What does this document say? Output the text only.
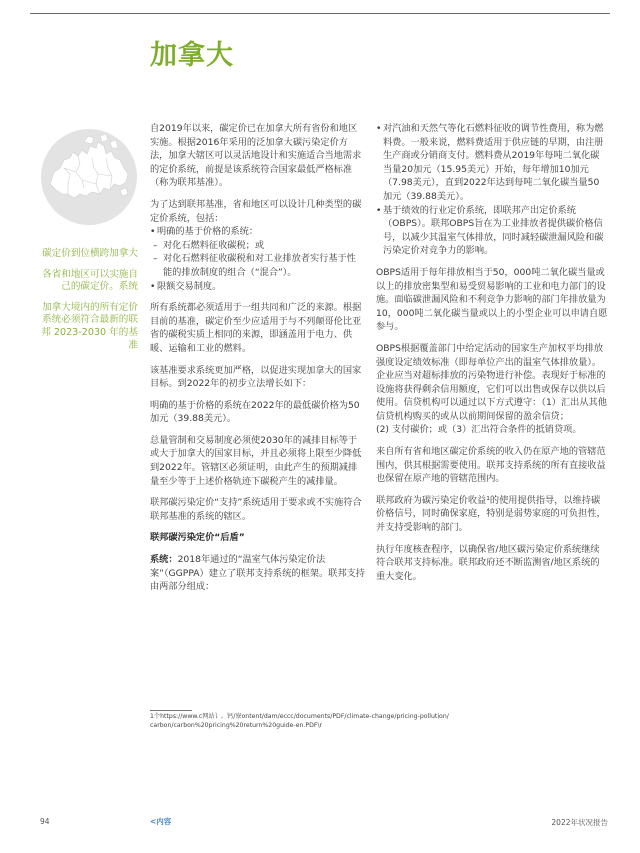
加拿大

碳定价到位横跨加拿大

各省和地区可以实施自己的碳定价。系统

加拿大境内的所有定价系统必须符合最新的联邦 2023-2030 年的基准

自2019年以来，碳定价已在加拿大所有省份和地区实施。根据2016年采用的泛加拿大碳污染定价方法，加拿大辖区可以灵活地设计和实施适合当地需求的定价系统，前提是该系统符合国家最低严格标准（称为联邦基准）。

为了达到联邦基准，省和地区可以设计几种类型的碳定价系统，包括：

• 明确的基于价格的系统：
– 对化石燃料征收碳税；或
– 对化石燃料征收碳税和对工业排放者实行基于性能的排放制度的组合（“混合”）。
• 限额交易制度。

所有系统都必须适用于一组共同和广泛的来源。根据目前的基准，碳定价至少应适用于与不列颠哥伦比亚省的碳税实质上相同的来源，即涵盖用于电力、供暖、运输和工业的燃料。

该基准要求系统更加严格，以促进实现加拿大的国家目标。到2022年的初步立法增长如下：

明确的基于价格的系统在2022年的最低碳价格为50加元（39.88美元）。

总量管制和交易制度必须使2030年的减排目标等于或大于加拿大的国家目标，并且必须将上限至少降低到2022年。管辖区必须证明，由此产生的预期减排量至少等于上述价格轨迹下碳税产生的减排量。

联邦碳污染定价“支持”系统适用于要求或不实施符合联邦基准的系统的辖区。

联邦碳污染定价“后盾”

系统：2018年通过的“温室气体污染定价法案”（GGPPA）建立了联邦支持系统的框架。联邦支持由两部分组成：

• 对汽油和天然气等化石燃料征收的调节性费用，称为燃料费。一般来说，燃料费适用于供应链的早期，由注册生产商或分销商支付。燃料费从2019年每吨二氧化碳当量20加元（15.95美元）开始，每年增加10加元（7.98美元），直到2022年达到每吨二氧化碳当量50加元（39.88美元）。
• 基于绩效的行业定价系统，即联邦产出定价系统（OBPS）。联邦OBPS旨在为工业排放者提供碳价格信号，以减少其温室气体排放，同时减轻碳泄漏风险和碳污染定价对竞争力的影响。

OBPS适用于每年排放相当于50，000吨二氧化碳当量或以上的排放密集型和易受贸易影响的工业和电力部门的设施。面临碳泄漏风险和不利竞争力影响的部门年排放量为10，000吨二氧化碳当量或以上的小型企业可以申请自愿参与。

OBPS根据覆盖部门中给定活动的国家生产加权平均排放强度设定绩效标准（即每单位产出的温室气体排放量）。企业应当对超标排放的污染物进行补偿。表现好于标准的设施将获得剩余信用额度，它们可以出售或保存以供以后使用。信贷机构可以通过以下方式遵守：（1）汇出从其他信贷机构购买的或从以前期间保留的盈余信贷；

(2) 支付碳价；或（3）汇出符合条件的抵销贷项。

来自所有省和地区碳定价系统的收入仍在原产地的管辖范围内，供其根据需要使用。联邦支持系统的所有直接收益也保留在原产地的管辖范围内。

联邦政府为碳污染定价收益¹的使用提供指导，以维持碳价格信号，同时确保家庭，特别是弱势家庭的可负担性，并支持受影响的部门。

执行年度核查程序，以确保省/地区碳污染定价系统继续符合联邦支持标准。联邦政府还不断监测省/地区系统的重大变化。

1个https://www.c网站讠。钙/寮ontent/dam/eccc/documents/PDF/climate-change/pricing-pollution/carbon/carbon%20pricing%20return%20guide-en.PDF\r
94	<内容	2022年状况报告
